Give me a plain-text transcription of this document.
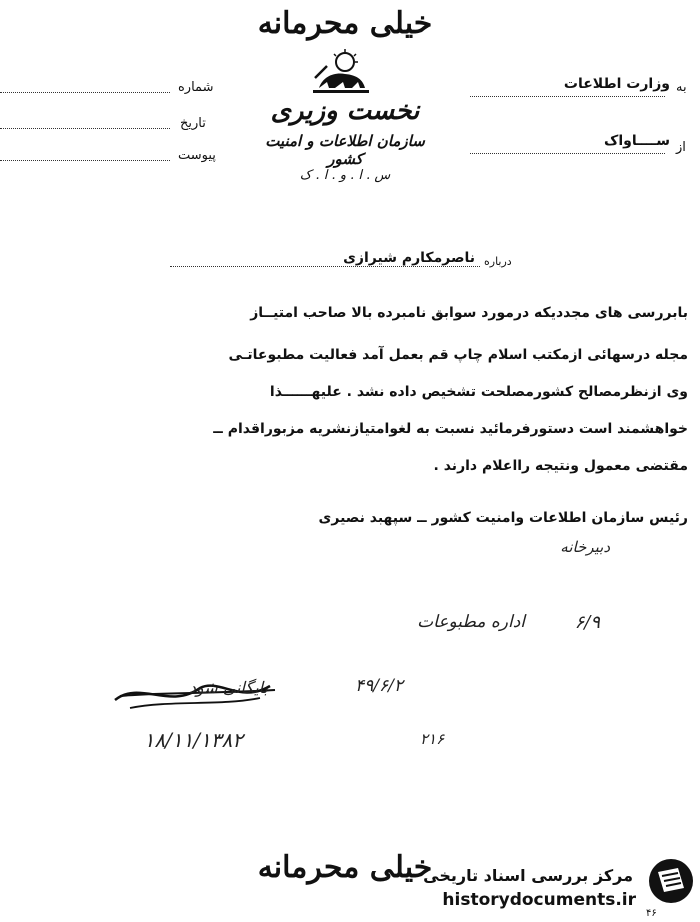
خیلی محرمانه
نخست وزیری
سازمان اطلاعات و امنیت کشور
س . ا . و . ا . ک
شماره
تاریخ
پیوست
به
وزارت اطلاعات
از
ســــاواک
درباره
ناصرمکارم شیرازی
بابررسی های مجددیکه درمورد سوابق نامبرده بالا صاحب امتیــاز
مجله درسهائی ازمکتب اسلام چاپ قم بعمل آمد فعالیت مطبوعاتـی
وی ازنظرمصالح کشورمصلحت تشخیص داده نشد . علیهــــــذا
خواهشمند است دستورفرمائید نسبت به لغوامتیازنشریه مزبوراقدام ــ
مقتضی معمول ونتیجه رااعلام دارند .
رئیس سازمان اطلاعات وامنیت کشور ــ سپهبد نصیری
دبیرخانه
۶/۹
اداره مطبوعات
۴۹/۶/۲
بایگانی شود
۱۸/۱۱/۱۳۸۲	۲۱۶
خیلی محرمانه
مرکز بررسی اسناد تاریخی
historydocuments.ir
۴۶
